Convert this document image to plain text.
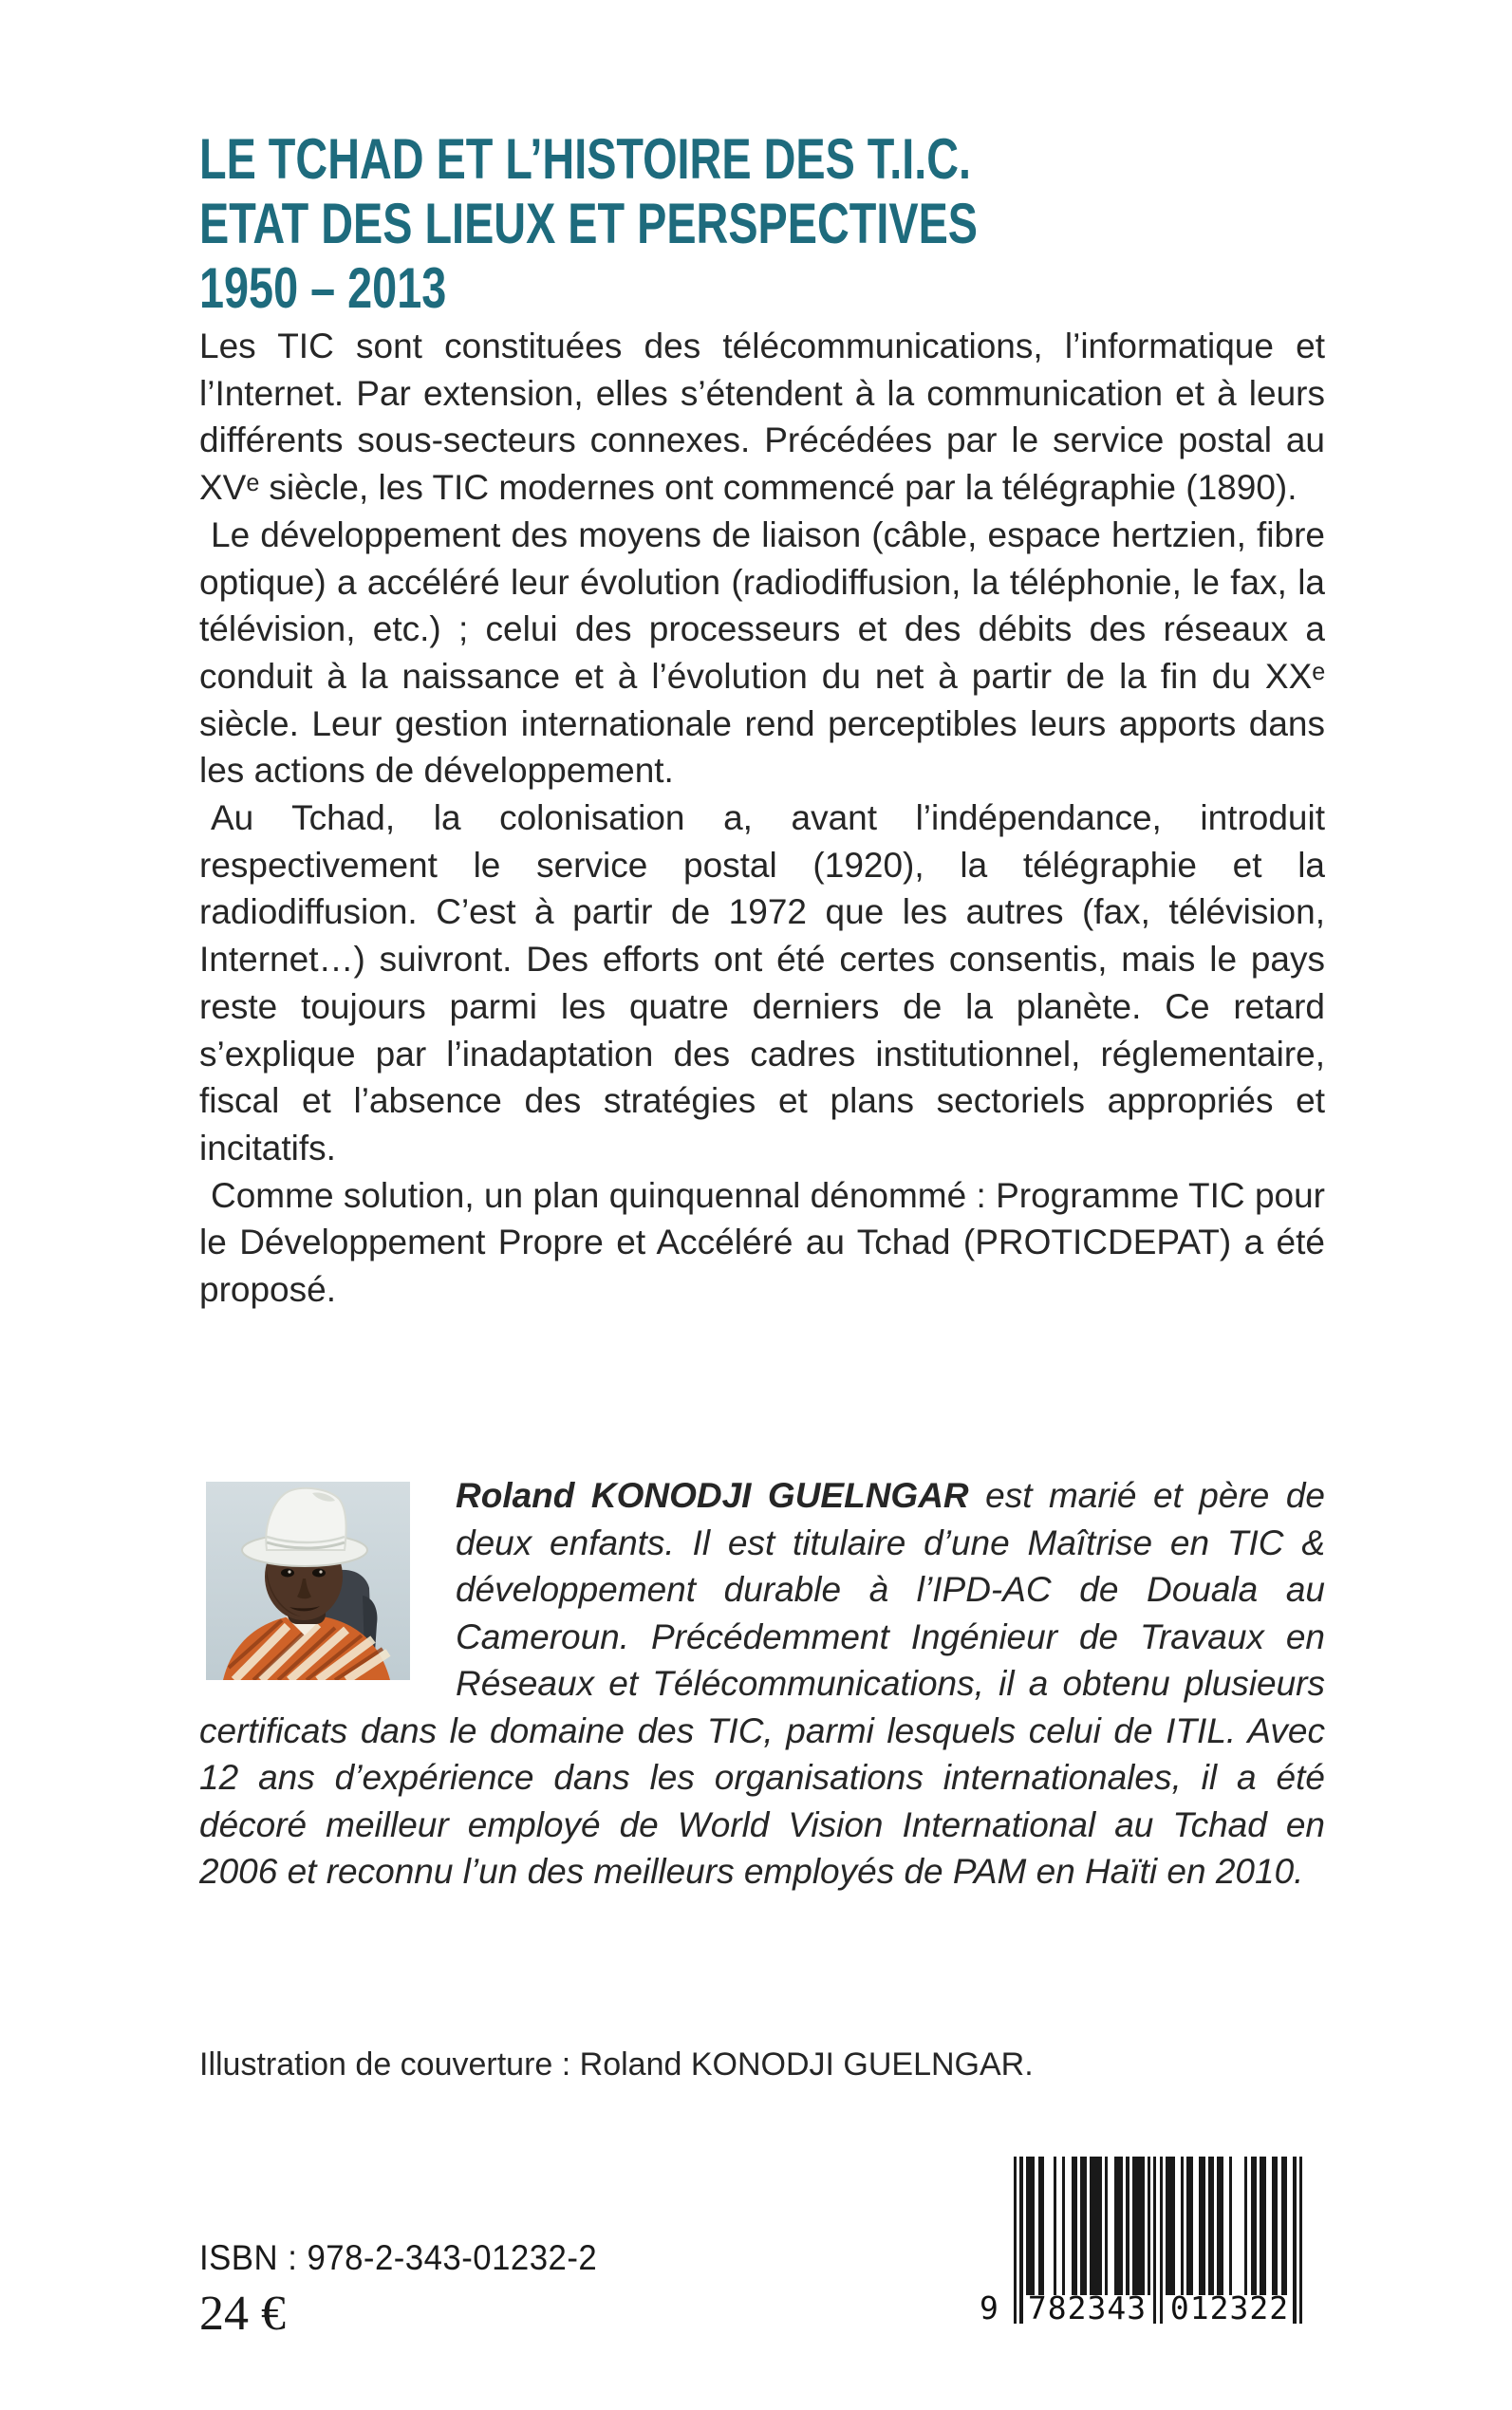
LE TCHAD ET L’HISTOIRE DES T.I.C.
ETAT DES LIEUX ET PERSPECTIVES
1950 – 2013

Les TIC sont constituées des télécommunications, l’informatique et l’Internet. Par extension, elles s’étendent à la communication et à leurs différents sous-secteurs connexes. Précédées par le service postal au XVᵉ siècle, les TIC modernes ont commencé par la télégraphie (1890).

Le développement des moyens de liaison (câble, espace hertzien, fibre optique) a accéléré leur évolution (radiodiffusion, la téléphonie, le fax, la télévision, etc.) ; celui des processeurs et des débits des réseaux a conduit à la naissance et à l’évolution du net à partir de la fin du XXᵉ siècle. Leur gestion internationale rend perceptibles leurs apports dans les actions de développement.

Au Tchad, la colonisation a, avant l’indépendance, introduit respectivement le service postal (1920), la télégraphie et la radiodiffusion. C’est à partir de 1972 que les autres (fax, télévision, Internet…) suivront. Des efforts ont été certes consentis, mais le pays reste toujours parmi les quatre derniers de la planète. Ce retard s’explique par l’inadaptation des cadres institutionnel, réglementaire, fiscal et l’absence des stratégies et plans sectoriels appropriés et incitatifs.

Comme solution, un plan quinquennal dénommé : Programme TIC pour le Développement Propre et Accéléré au Tchad (PROTICDEPAT) a été proposé.

Roland KONODJI GUELNGAR est marié et père de deux enfants. Il est titulaire d’une Maîtrise en TIC & développement durable à l’IPD-AC de Douala au Cameroun. Précédemment Ingénieur de Travaux en Réseaux et Télécommunications, il a obtenu plusieurs certificats dans le domaine des TIC, parmi lesquels celui de ITIL. Avec 12 ans d’expérience dans les organisations internationales, il a été décoré meilleur employé de World Vision International au Tchad en 2006 et reconnu l’un des meilleurs employés de PAM en Haïti en 2010.

Illustration de couverture : Roland KONODJI GUELNGAR.
ISBN : 978-2-343-01232-2
24 €	9 782343 012322
